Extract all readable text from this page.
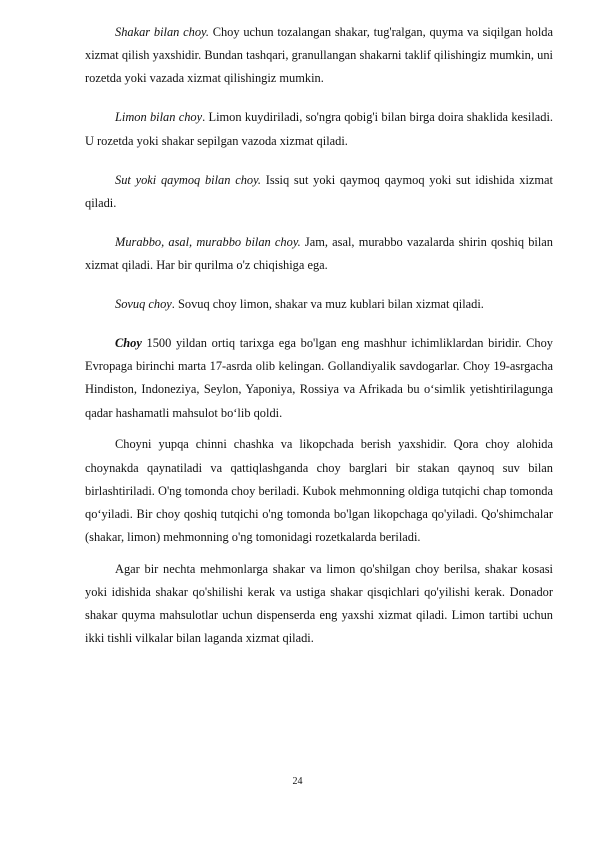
Shakar bilan choy. Choy uchun tozalangan shakar, tug'ralgan, quyma va siqilgan holda xizmat qilish yaxshidir. Bundan tashqari, granullangan shakarni taklif qilishingiz mumkin, uni rozetda yoki vazada xizmat qilishingiz mumkin.

Limon bilan choy. Limon kuydiriladi, so'ngra qobig'i bilan birga doira shaklida kesiladi. U rozetda yoki shakar sepilgan vazoda xizmat qiladi.

Sut yoki qaymoq bilan choy. Issiq sut yoki qaymoq qaymoq yoki sut idishida xizmat qiladi.

Murabbo, asal, murabbo bilan choy. Jam, asal, murabbo vazalarda shirin qoshiq bilan xizmat qiladi. Har bir qurilma o'z chiqishiga ega.

Sovuq choy. Sovuq choy limon, shakar va muz kublari bilan xizmat qiladi.

Choy 1500 yildan ortiq tarixga ega bo'lgan eng mashhur ichimliklardan biridir. Choy Evropaga birinchi marta 17-asrda olib kelingan. Gollandiyalik savdogarlar. Choy 19-asrgacha Hindiston, Indoneziya, Seylon, Yaponiya, Rossiya va Afrikada bu o‘simlik yetishtirilagunga qadar hashamatli mahsulot bo‘lib qoldi.

Choyni yupqa chinni chashka va likopchada berish yaxshidir. Qora choy alohida choynakda qaynatiladi va qattiqlashganda choy barglari bir stakan qaynoq suv bilan birlashtiriladi. O'ng tomonda choy beriladi. Kubok mehmonning oldiga tutqichi chap tomonda qo‘yiladi. Bir choy qoshiq tutqichi o'ng tomonda bo'lgan likopchaga qo'yiladi. Qo'shimchalar (shakar, limon) mehmonning o'ng tomonidagi rozetkalarda beriladi.

Agar bir nechta mehmonlarga shakar va limon qo'shilgan choy berilsa, shakar kosasi yoki idishida shakar qo'shilishi kerak va ustiga shakar qisqichlari qo'yilishi kerak. Donador shakar quyma mahsulotlar uchun dispenserda eng yaxshi xizmat qiladi. Limon tartibi uchun ikki tishli vilkalar bilan laganda xizmat qiladi.

24
